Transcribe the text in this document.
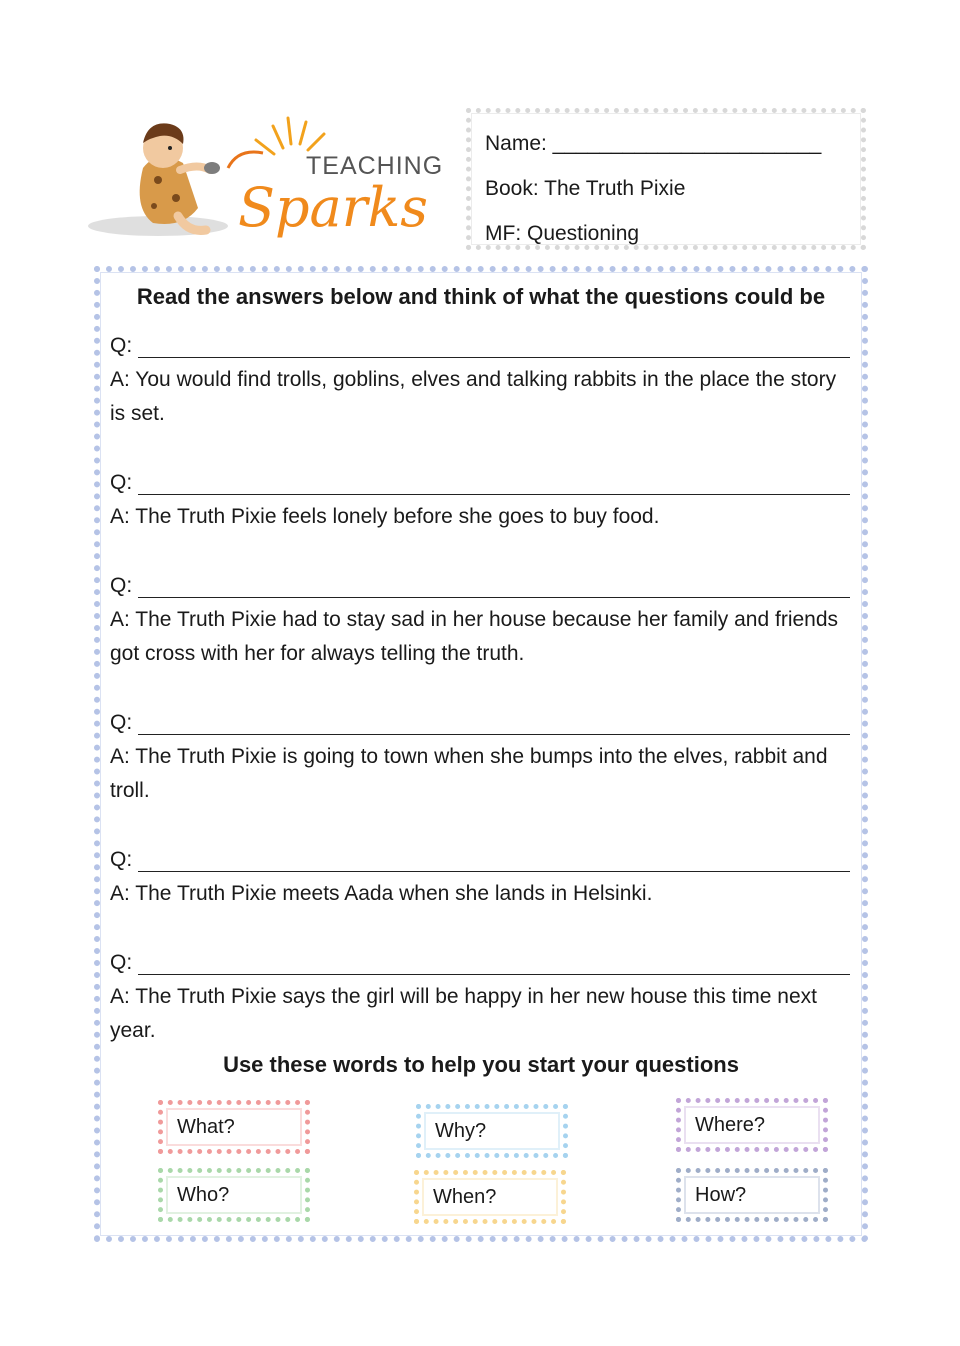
TEACHING
Sparks
Name: _______________________
Book: The Truth Pixie
MF: Questioning
Read the answers below and think of what the questions could be
Q:
A: You would find trolls, goblins, elves and talking rabbits in the place the story is set.
Q:
A: The Truth Pixie feels lonely before she goes to buy food.
Q:
A: The Truth Pixie had to stay sad in her house because her family and friends got cross with her for always telling the truth.
Q:
A: The Truth Pixie is going to town when she bumps into the elves, rabbit and troll.
Q:
A: The Truth Pixie meets Aada when she lands in Helsinki.
Q:
A: The Truth Pixie says the girl will be happy in her new house this time next year.
Use these words to help you start your questions
What?	Why?	Where?
Who?	When?	How?
